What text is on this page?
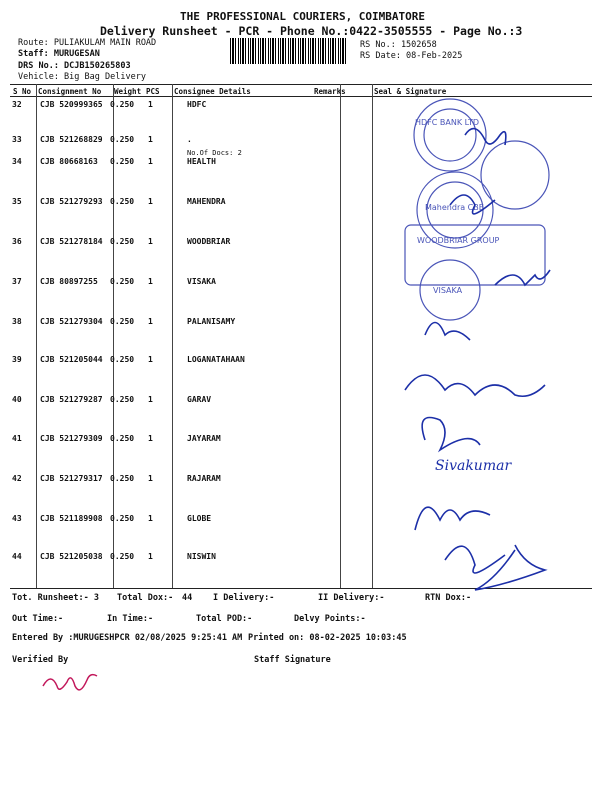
THE PROFESSIONAL COURIERS, COIMBATORE
Delivery Runsheet - PCR - Phone No.:0422-3505555 - Page No.:3
Route: PULIAKULAM MAIN ROAD
Staff: MURUGESAN
DRS No.: DCJB150265803
Vehicle: Big Bag Delivery
RS No.: 1502658
RS Date: 08-Feb-2025
S No Consignment No Weight PCS Consignee Details	Remarks	Seal & Signature
32 CJB 520999365 0.250 1	HDFC
33 CJB 521268829 0.250 1	.
No.Of Docs: 2
34 CJB 80668163 0.250 1	HEALTH
35 CJB 521279293 0.250 1	MAHENDRA
36 CJB 521278184 0.250 1	WOODBRIAR
37 CJB 80897255 0.250 1	VISAKA
38 CJB 521279304 0.250 1	PALANISAMY
39 CJB 521205044 0.250 1	LOGANATAHAAN
40 CJB 521279287 0.250 1	GARAV
41 CJB 521279309 0.250 1	JAYARAM
42 CJB 521279317 0.250 1	RAJARAM
43 CJB 521189908 0.250 1	GLOBE
44 CJB 521205038 0.250 1	NISWIN
HDFC BANK LTD
Mahendra CBE
WOODBRIAR GROUP
VISAKA
Sivakumar
Tot. Runsheet:- 3 Total Dox:- 44 I Delivery:-	II Delivery:-	RTN Dox:-
Out Time:-	In Time:-	Total POD:-	Delvy Points:-
Entered By :MURUGESHPCR 02/08/2025 9:25:41 AM Printed on: 08-02-2025 10:03:45
Verified By	Staff Signature
